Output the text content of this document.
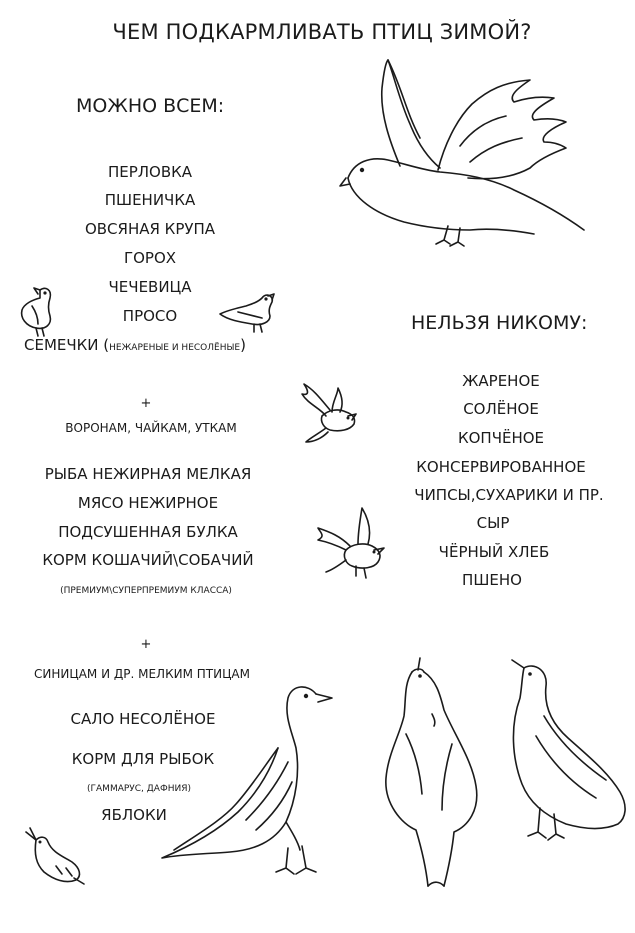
ЧЕМ ПОДКАРМЛИВАТЬ ПТИЦ ЗИМОЙ?
МОЖНО ВСЕМ:
ПЕРЛОВКА
ПШЕНИЧКА
ОВСЯНАЯ КРУПА
ГОРОХ
ЧЕЧЕВИЦА
ПРОСО
СЕМЕЧКИ (НЕЖАРЕНЫЕ И НЕСОЛЁНЫЕ)
+
ВОРОНАМ, ЧАЙКАМ, УТКАМ
РЫБА НЕЖИРНАЯ МЕЛКАЯ
МЯСО НЕЖИРНОЕ
ПОДСУШЕННАЯ БУЛКА
КОРМ КОШАЧИЙ\СОБАЧИЙ
(ПРЕМИУМ\СУПЕРПРЕМИУМ КЛАССА)
+
СИНИЦАМ И ДР. МЕЛКИМ ПТИЦАМ
САЛО НЕСОЛЁНОЕ
КОРМ ДЛЯ РЫБОК
(ГАММАРУС, ДАФНИЯ)
ЯБЛОКИ
НЕЛЬЗЯ НИКОМУ:
ЖАРЕНОЕ
СОЛЁНОЕ
КОПЧЁНОЕ
КОНСЕРВИРОВАННОЕ
ЧИПСЫ,СУХАРИКИ И ПР.
СЫР
ЧЁРНЫЙ ХЛЕБ
ПШЕНО
